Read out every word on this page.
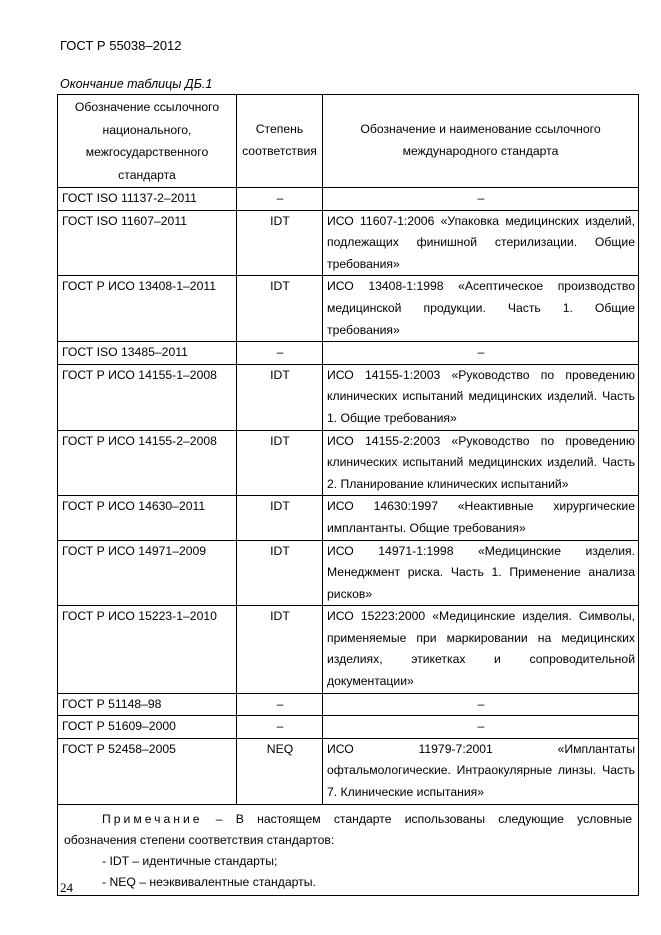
ГОСТ Р 55038–2012
Окончание таблицы ДБ.1
Обозначение ссылочного национального, межгосударственного стандарта	Степень соответствия	Обозначение и наименование ссылочного международного стандарта
ГОСТ ISO 11137-2–2011	–	–
ГОСТ ISO 11607–2011	IDT	ИСО 11607-1:2006 «Упаковка медицинских изделий, подлежащих финишной стерилизации. Общие требования»
ГОСТ Р ИСО 13408-1–2011	IDT	ИСО 13408-1:1998 «Асептическое производство медицинской продукции. Часть 1. Общие требования»
ГОСТ ISO 13485–2011	–	–
ГОСТ Р ИСО 14155-1–2008	IDT	ИСО 14155-1:2003 «Руководство по проведению клинических испытаний медицинских изделий. Часть 1. Общие требования»
ГОСТ Р ИСО 14155-2–2008	IDT	ИСО 14155-2:2003 «Руководство по проведению клинических испытаний медицинских изделий. Часть 2. Планирование клинических испытаний»
ГОСТ Р ИСО 14630–2011	IDT	ИСО 14630:1997 «Неактивные хирургические имплантанты. Общие требования»
ГОСТ Р ИСО 14971–2009	IDT	ИСО 14971-1:1998 «Медицинские изделия. Менеджмент риска. Часть 1. Применение анализа рисков»
ГОСТ Р ИСО 15223-1–2010	IDT	ИСО 15223:2000 «Медицинские изделия. Символы, применяемые при маркировании на медицинских изделиях, этикетках и сопроводительной документации»
ГОСТ Р 51148–98	–	–
ГОСТ Р 51609–2000	–	–
ГОСТ Р 52458–2005	NEQ	ИСО 11979-7:2001 «Имплантаты офтальмологические. Интраокулярные линзы. Часть 7. Клинические испытания»

Примечание – В настоящем стандарте использованы следующие условные обозначения степени соответствия стандартов:
- IDT – идентичные стандарты;
- NEQ – неэквивалентные стандарты.		
24
